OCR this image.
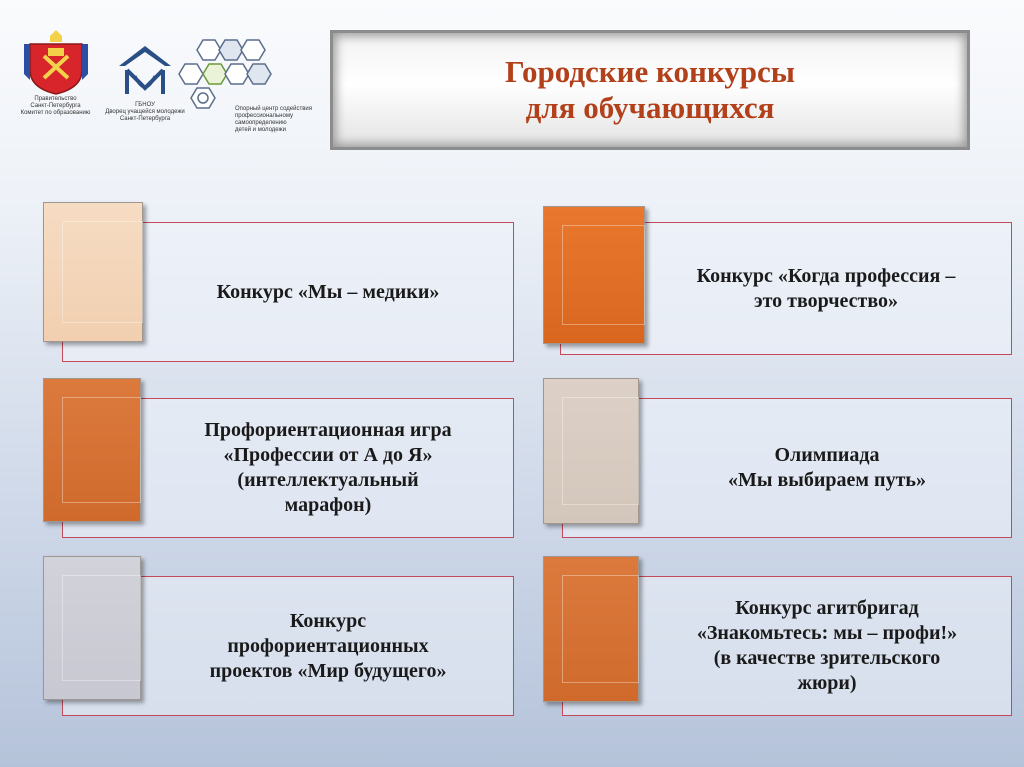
Правительство
Санкт-Петербурга
Комитет по образованию
ГБНОУ
Дворец учащейся молодежи
Санкт-Петербурга
Опорный центр содействия
профессиональному
самоопределению
детей и молодежи
Городские конкурсы
для обучающихся
Конкурс «Мы – медики»
Конкурс «Когда профессия –
это творчество»
Профориентационная игра
«Профессии от А до Я»
(интеллектуальный
марафон)
Олимпиада
«Мы выбираем путь»
Конкурс
профориентационных
проектов «Мир будущего»
Конкурс агитбригад
«Знакомьтесь: мы – профи!»
(в качестве зрительского
жюри)
